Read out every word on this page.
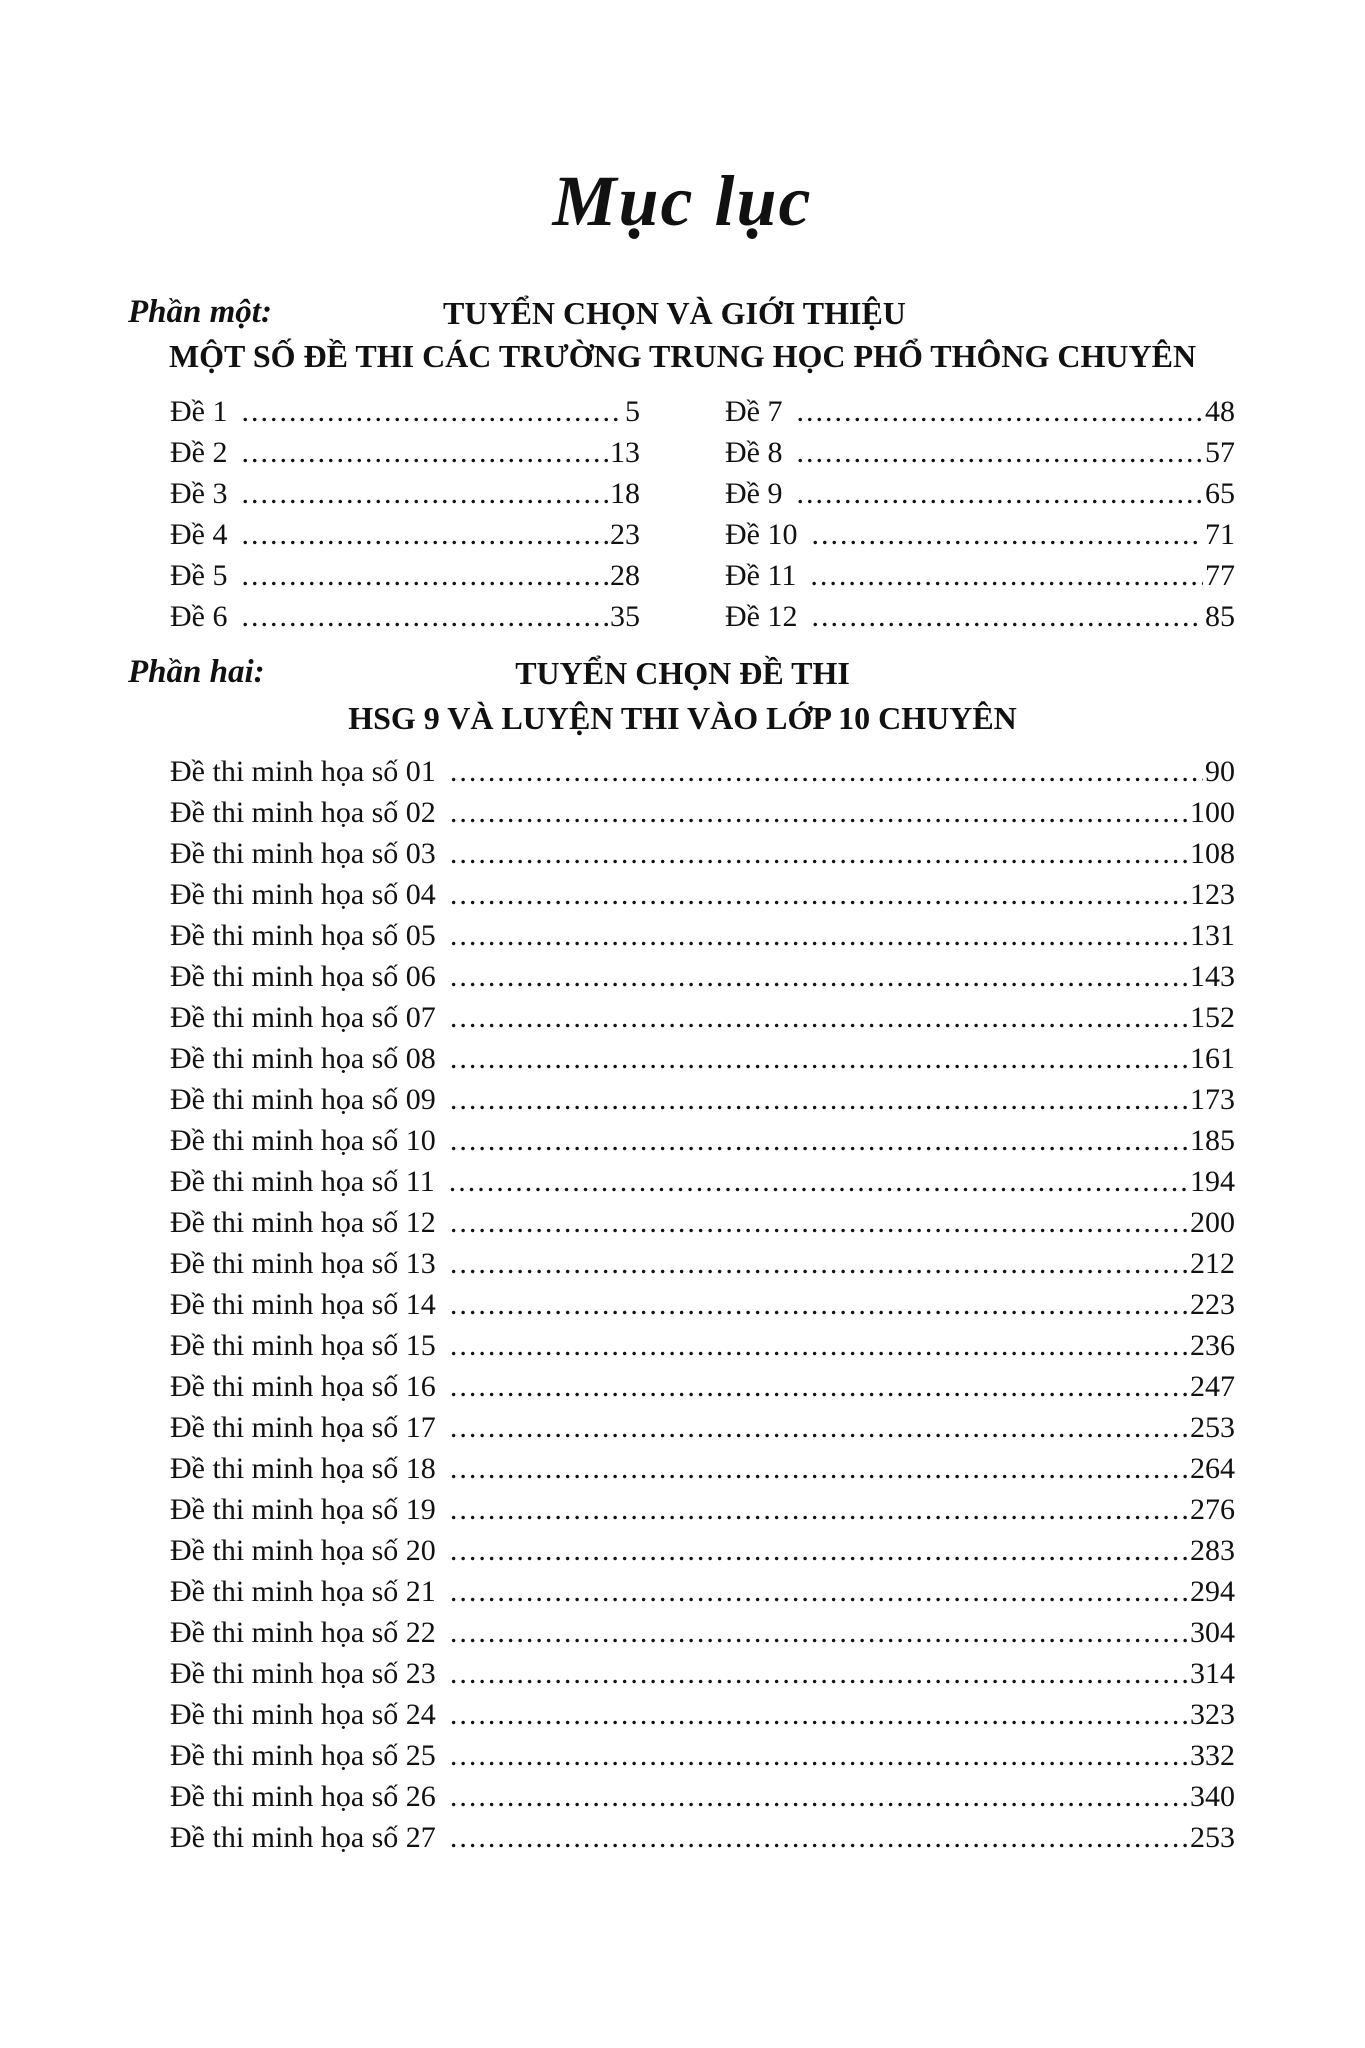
Mục lục
Phần một:	TUYỂN CHỌN VÀ GIỚI THIỆU
MỘT SỐ ĐỀ THI CÁC TRƯỜNG TRUNG HỌC PHỔ THÔNG CHUYÊN
Đề 1 .....	5
Đề 2 .....	13
Đề 3 .....	18
Đề 4 .....	23
Đề 5 .....	28
Đề 6 .....	35
Đề 7 .....	48
Đề 8 .....	57
Đề 9 .....	65
Đề 10 .....	71
Đề 11 .....	77
Đề 12 .....	85
Phần hai:	TUYỂN CHỌN ĐỀ THI
HSG 9 VÀ LUYỆN THI VÀO LỚP 10 CHUYÊN
Đề thi minh họa số 01 .....	90
Đề thi minh họa số 02 .....	100
Đề thi minh họa số 03 .....	108
Đề thi minh họa số 04 .....	123
Đề thi minh họa số 05 .....	131
Đề thi minh họa số 06 .....	143
Đề thi minh họa số 07 .....	152
Đề thi minh họa số 08 .....	161
Đề thi minh họa số 09 .....	173
Đề thi minh họa số 10 .....	185
Đề thi minh họa số 11 .....	194
Đề thi minh họa số 12 .....	200
Đề thi minh họa số 13 .....	212
Đề thi minh họa số 14 .....	223
Đề thi minh họa số 15 .....	236
Đề thi minh họa số 16 .....	247
Đề thi minh họa số 17 .....	253
Đề thi minh họa số 18 .....	264
Đề thi minh họa số 19 .....	276
Đề thi minh họa số 20 .....	283
Đề thi minh họa số 21 .....	294
Đề thi minh họa số 22 .....	304
Đề thi minh họa số 23 .....	314
Đề thi minh họa số 24 .....	323
Đề thi minh họa số 25 .....	332
Đề thi minh họa số 26 .....	340
Đề thi minh họa số 27 .....	253
